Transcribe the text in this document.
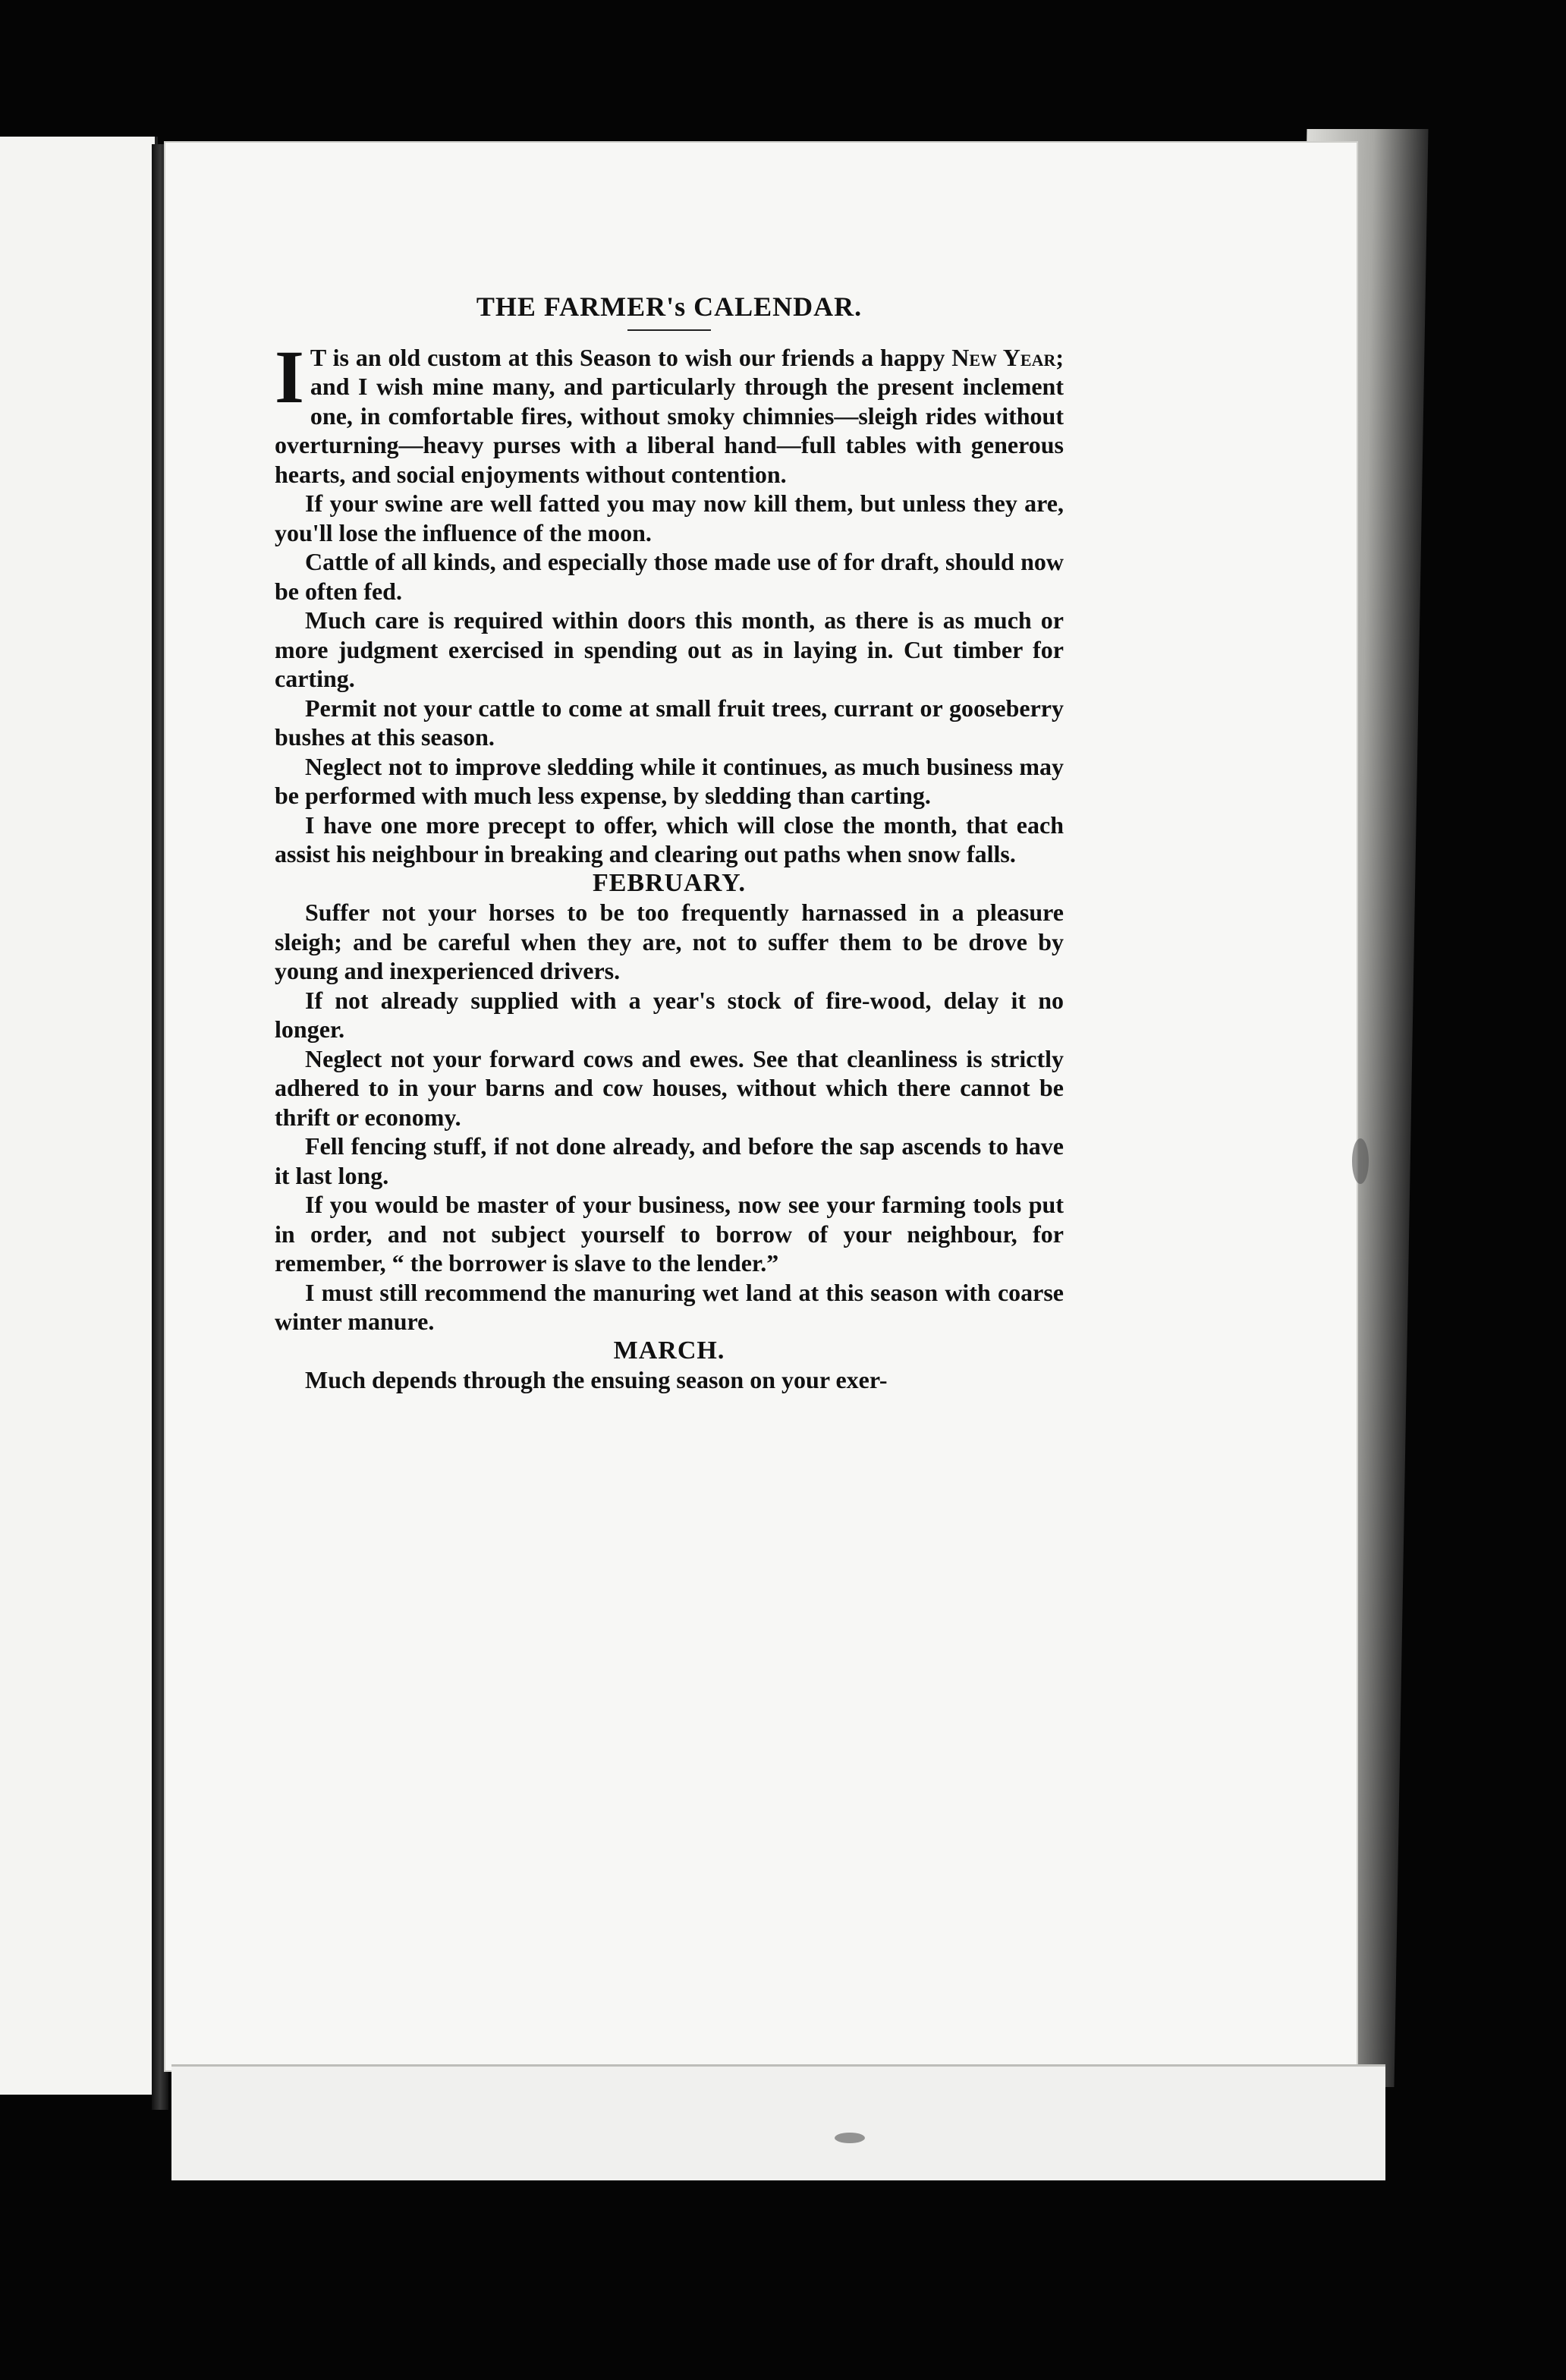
THE FARMER's CALENDAR.

I T is an old custom at this Season to wish our friends a happy New Year; and I wish mine many, and particularly through the present inclement one, in comfortable fires, without smoky chimnies—sleigh rides without overturning—heavy purses with a liberal hand—full tables with generous hearts, and social enjoyments without contention.

If your swine are well fatted you may now kill them, but unless they are, you'll lose the influence of the moon.

Cattle of all kinds, and especially those made use of for draft, should now be often fed.

Much care is required within doors this month, as there is as much or more judgment exercised in spending out as in laying in. Cut timber for carting.

Permit not your cattle to come at small fruit trees, currant or gooseberry bushes at this season.

Neglect not to improve sledding while it continues, as much business may be performed with much less expense, by sledding than carting.

I have one more precept to offer, which will close the month, that each assist his neighbour in breaking and clearing out paths when snow falls.

FEBRUARY.

Suffer not your horses to be too frequently harnassed in a pleasure sleigh; and be careful when they are, not to suffer them to be drove by young and inexperienced drivers.

If not already supplied with a year's stock of fire-wood, delay it no longer.

Neglect not your forward cows and ewes. See that cleanliness is strictly adhered to in your barns and cow houses, without which there cannot be thrift or economy.

Fell fencing stuff, if not done already, and before the sap ascends to have it last long.

If you would be master of your business, now see your farming tools put in order, and not subject yourself to borrow of your neighbour, for remember, “ the borrower is slave to the lender.”

I must still recommend the manuring wet land at this season with coarse winter manure.

MARCH.

Much depends through the ensuing season on your exer-
